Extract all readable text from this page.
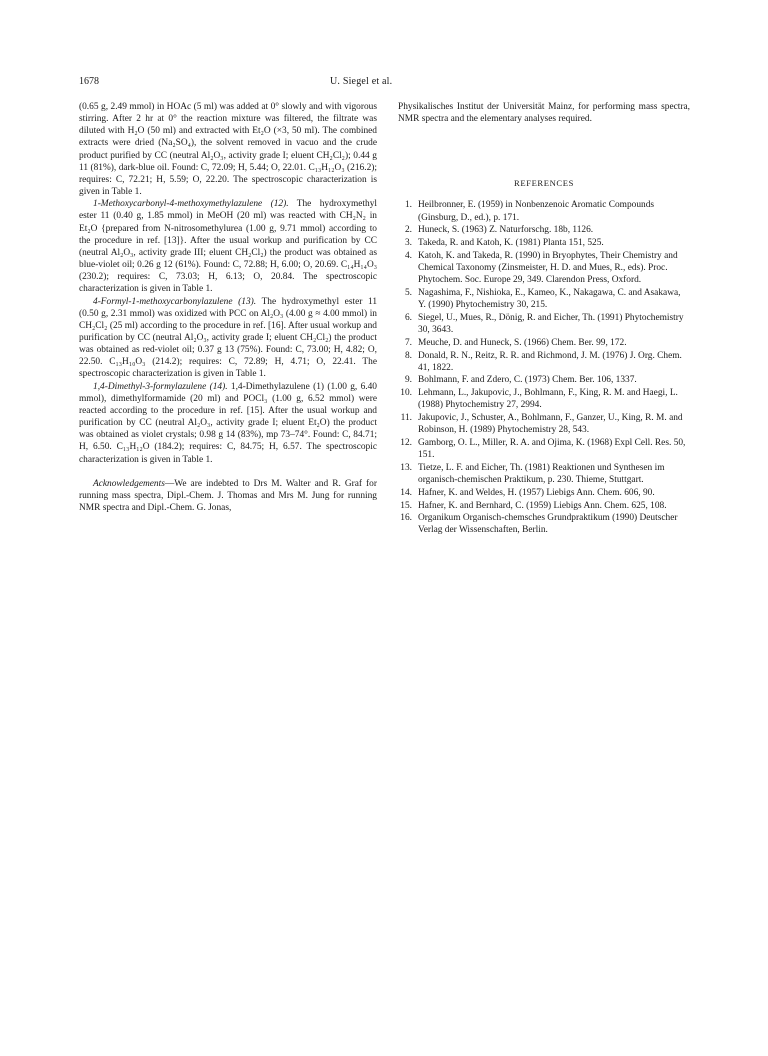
1678	U. Siegel et al.

(0.65 g, 2.49 mmol) in HOAc (5 ml) was added at 0° slowly and with vigorous stirring. After 2 hr at 0° the reaction mixture was filtered, the filtrate was diluted with H₂O (50 ml) and extracted with Et₂O (×3, 50 ml). The combined extracts were dried (Na₂SO₄), the solvent removed in vacuo and the crude product purified by CC (neutral Al₂O₃, activity grade I; eluent CH₂Cl₂); 0.44 g 11 (81%), dark-blue oil. Found: C, 72.09; H, 5.44; O, 22.01. C₁₃H₁₂O₃ (216.2); requires: C, 72.21; H, 5.59; O, 22.20. The spectroscopic characterization is given in Table 1.

1-Methoxycarbonyl-4-methoxymethylazulene (12). The hydroxymethyl ester 11 (0.40 g, 1.85 mmol) in MeOH (20 ml) was reacted with CH₂N₂ in Et₂O {prepared from N-nitrosomethylurea (1.00 g, 9.71 mmol) according to the procedure in ref. [13]}. After the usual workup and purification by CC (neutral Al₂O₃, activity grade III; eluent CH₂Cl₂) the product was obtained as blue-violet oil; 0.26 g 12 (61%). Found: C, 72.88; H, 6.00; O, 20.69. C₁₄H₁₄O₃ (230.2); requires: C, 73.03; H, 6.13; O, 20.84. The spectroscopic characterization is given in Table 1.

4-Formyl-1-methoxycarbonylazulene (13). The hydroxymethyl ester 11 (0.50 g, 2.31 mmol) was oxidized with PCC on Al₂O₃ (4.00 g ≈ 4.00 mmol) in CH₂Cl₂ (25 ml) according to the procedure in ref. [16]. After usual workup and purification by CC (neutral Al₂O₃, activity grade I; eluent CH₂Cl₂) the product was obtained as red-violet oil; 0.37 g 13 (75%). Found: C, 73.00; H, 4.82; O, 22.50. C₁₃H₁₀O₃ (214.2); requires: C, 72.89; H, 4.71; O, 22.41. The spectroscopic characterization is given in Table 1.

1,4-Dimethyl-3-formylazulene (14). 1,4-Dimethylazulene (1) (1.00 g, 6.40 mmol), dimethylformamide (20 ml) and POCl₃ (1.00 g, 6.52 mmol) were reacted according to the procedure in ref. [15]. After the usual workup and purification by CC (neutral Al₂O₃, activity grade I; eluent Et₂O) the product was obtained as violet crystals; 0.98 g 14 (83%), mp 73–74°. Found: C, 84.71; H, 6.50. C₁₃H₁₂O (184.2); requires: C, 84.75; H, 6.57. The spectroscopic characterization is given in Table 1.

Acknowledgements—We are indebted to Drs M. Walter and R. Graf for running mass spectra, Dipl.-Chem. J. Thomas and Mrs M. Jung for running NMR spectra and Dipl.-Chem. G. Jonas,

Physikalisches Institut der Universität Mainz, for performing mass spectra, NMR spectra and the elementary analyses required.

REFERENCES
1. Heilbronner, E. (1959) in Nonbenzenoic Aromatic Compounds (Ginsburg, D., ed.), p. 171.
2. Huneck, S. (1963) Z. Naturforschg. 18b, 1126.
3. Takeda, R. and Katoh, K. (1981) Planta 151, 525.
4. Katoh, K. and Takeda, R. (1990) in Bryophytes, Their Chemistry and Chemical Taxonomy (Zinsmeister, H. D. and Mues, R., eds). Proc. Phytochem. Soc. Europe 29, 349. Clarendon Press, Oxford.
5. Nagashima, F., Nishioka, E., Kameo, K., Nakagawa, C. and Asakawa, Y. (1990) Phytochemistry 30, 215.
6. Siegel, U., Mues, R., Dönig, R. and Eicher, Th. (1991) Phytochemistry 30, 3643.
7. Meuche, D. and Huneck, S. (1966) Chem. Ber. 99, 172.
8. Donald, R. N., Reitz, R. R. and Richmond, J. M. (1976) J. Org. Chem. 41, 1822.
9. Bohlmann, F. and Zdero, C. (1973) Chem. Ber. 106, 1337.
10. Lehmann, L., Jakupovic, J., Bohlmann, F., King, R. M. and Haegi, L. (1988) Phytochemistry 27, 2994.
11. Jakupovic, J., Schuster, A., Bohlmann, F., Ganzer, U., King, R. M. and Robinson, H. (1989) Phytochemistry 28, 543.
12. Gamborg, O. L., Miller, R. A. and Ojima, K. (1968) Expl Cell. Res. 50, 151.
13. Tietze, L. F. and Eicher, Th. (1981) Reaktionen und Synthesen im organisch-chemischen Praktikum, p. 230. Thieme, Stuttgart.
14. Hafner, K. and Weldes, H. (1957) Liebigs Ann. Chem. 606, 90.
15. Hafner, K. and Bernhard, C. (1959) Liebigs Ann. Chem. 625, 108.
16. Organikum Organisch-chemsches Grundpraktikum (1990) Deutscher Verlag der Wissenschaften, Berlin.
